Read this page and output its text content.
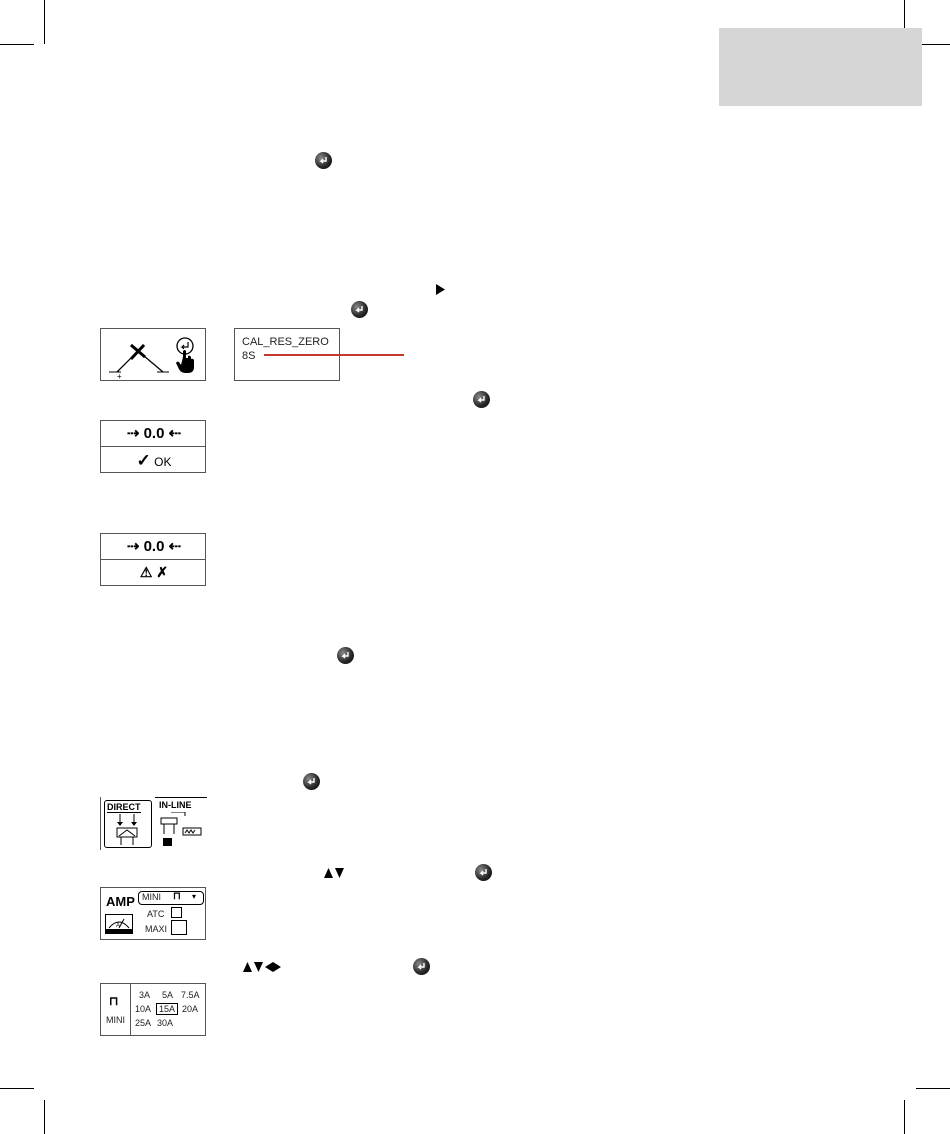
+	_
CAL_RES_ZERO
8S
⇢ 0.0 ⇠
✓ OK
⇢ 0.0 ⇠
⚠ ✗
DIRECT IN-LINE
AMP
A
MINI ⊓ ▾
ATC
MAXI
⊓
MINI
3A 5A 7.5A
10A 15A 20A
25A 30A
